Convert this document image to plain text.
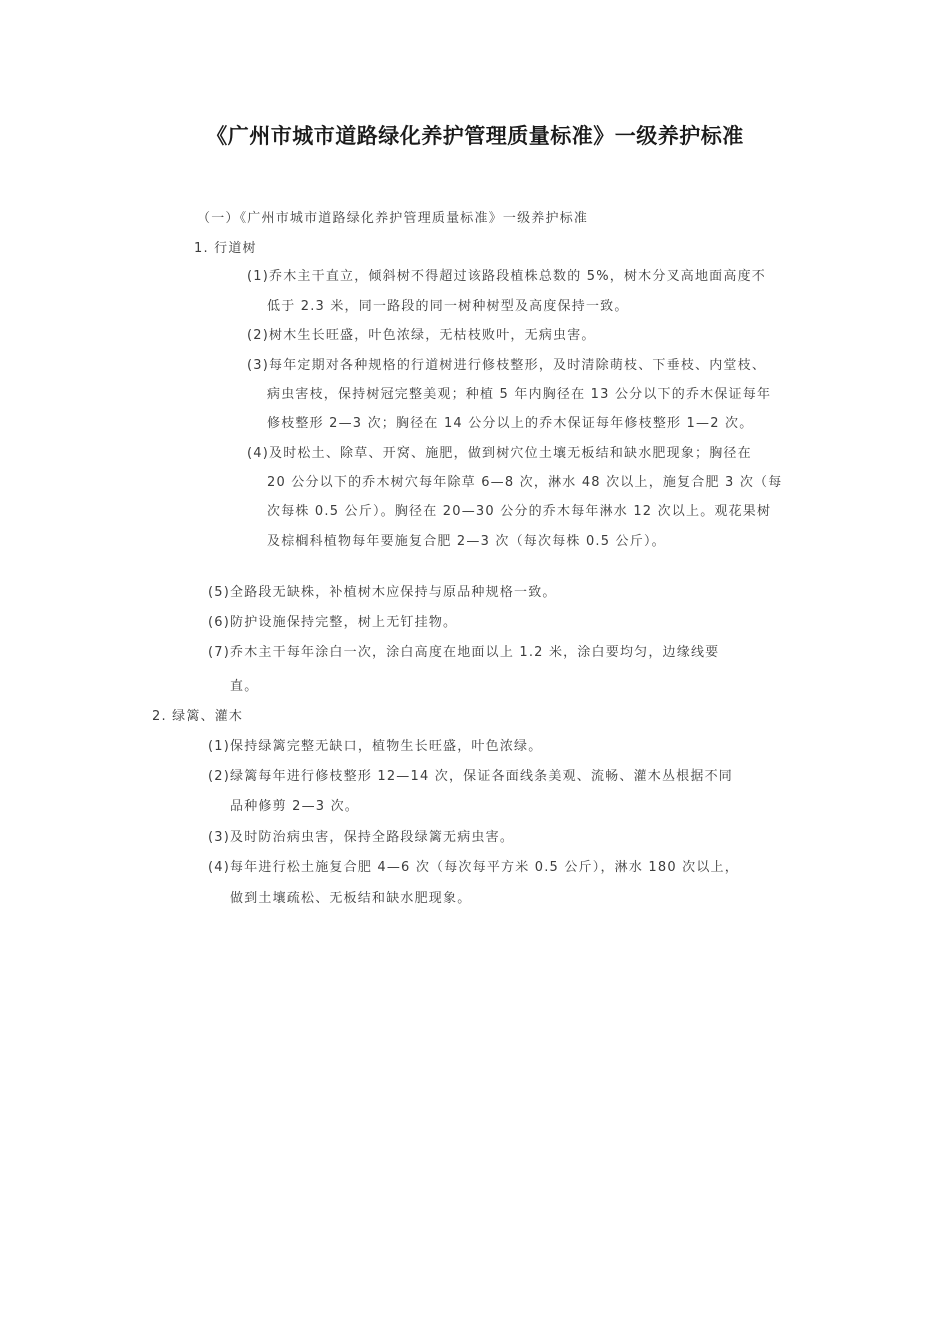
《广州市城市道路绿化养护管理质量标准》一级养护标准
（一）《广州市城市道路绿化养护管理质量标准》一级养护标准
1. 行道树
(1)乔木主干直立，倾斜树不得超过该路段植株总数的 5%，树木分叉高地面高度不
低于 2.3 米，同一路段的同一树种树型及高度保持一致。
(2)树木生长旺盛，叶色浓绿，无枯枝败叶，无病虫害。
(3)每年定期对各种规格的行道树进行修枝整形，及时清除萌枝、下垂枝、内堂枝、
病虫害枝，保持树冠完整美观；种植 5 年内胸径在 13 公分以下的乔木保证每年
修枝整形 2—3 次；胸径在 14 公分以上的乔木保证每年修枝整形 1—2 次。
(4)及时松土、除草、开窝、施肥，做到树穴位土壤无板结和缺水肥现象；胸径在
20 公分以下的乔木树穴每年除草 6—8 次，淋水 48 次以上，施复合肥 3 次（每
次每株 0.5 公斤）。胸径在 20—30 公分的乔木每年淋水 12 次以上。观花果树
及棕榈科植物每年要施复合肥 2—3 次（每次每株 0.5 公斤）。
(5)全路段无缺株，补植树木应保持与原品种规格一致。
(6)防护设施保持完整，树上无钉挂物。
(7)乔木主干每年涂白一次，涂白高度在地面以上 1.2 米，涂白要均匀，边缘线要
直。
2. 绿篱、灌木
(1)保持绿篱完整无缺口，植物生长旺盛，叶色浓绿。
(2)绿篱每年进行修枝整形 12—14 次，保证各面线条美观、流畅、灌木丛根据不同
品种修剪 2—3 次。
(3)及时防治病虫害，保持全路段绿篱无病虫害。
(4)每年进行松土施复合肥 4—6 次（每次每平方米 0.5 公斤），淋水 180 次以上，
做到土壤疏松、无板结和缺水肥现象。
